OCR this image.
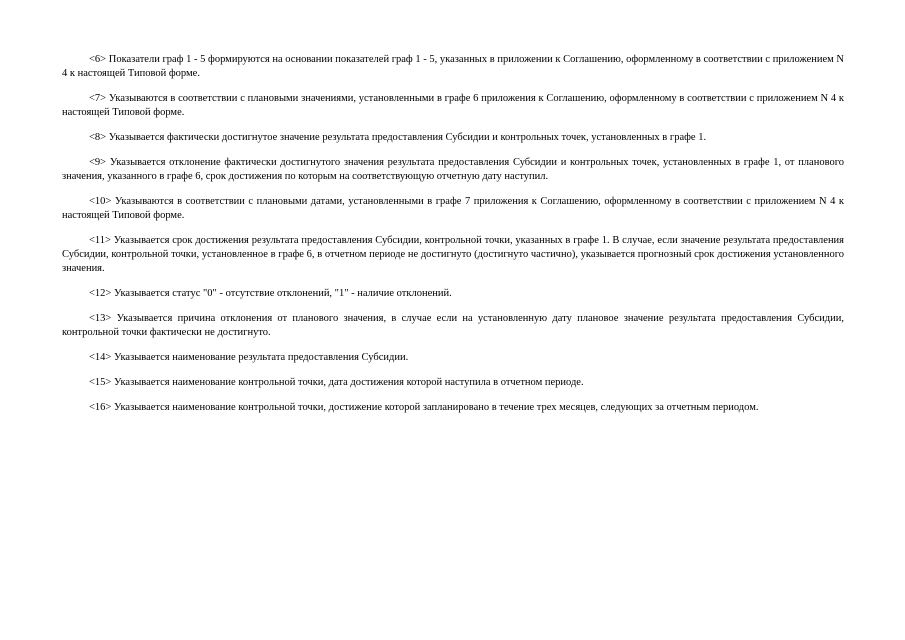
<6> Показатели граф 1 - 5 формируются на основании показателей граф 1 - 5, указанных в приложении к Соглашению, оформленному в соответствии с приложением N 4 к настоящей Типовой форме.

<7> Указываются в соответствии с плановыми значениями, установленными в графе 6 приложения к Соглашению, оформленному в соответствии с приложением N 4 к настоящей Типовой форме.

<8> Указывается фактически достигнутое значение результата предоставления Субсидии и контрольных точек, установленных в графе 1.

<9> Указывается отклонение фактически достигнутого значения результата предоставления Субсидии и контрольных точек, установленных в графе 1, от планового значения, указанного в графе 6, срок достижения по которым на соответствующую отчетную дату наступил.

<10> Указываются в соответствии с плановыми датами, установленными в графе 7 приложения к Соглашению, оформленному в соответствии с приложением N 4 к настоящей Типовой форме.

<11> Указывается срок достижения результата предоставления Субсидии, контрольной точки, указанных в графе 1. В случае, если значение результата предоставления Субсидии, контрольной точки, установленное в графе 6, в отчетном периоде не достигнуто (достигнуто частично), указывается прогнозный срок достижения установленного значения.

<12> Указывается статус "0" - отсутствие отклонений, "1" - наличие отклонений.

<13> Указывается причина отклонения от планового значения, в случае если на установленную дату плановое значение результата предоставления Субсидии, контрольной точки фактически не достигнуто.

<14> Указывается наименование результата предоставления Субсидии.

<15> Указывается наименование контрольной точки, дата достижения которой наступила в отчетном периоде.

<16> Указывается наименование контрольной точки, достижение которой запланировано в течение трех месяцев, следующих за отчетным периодом.
